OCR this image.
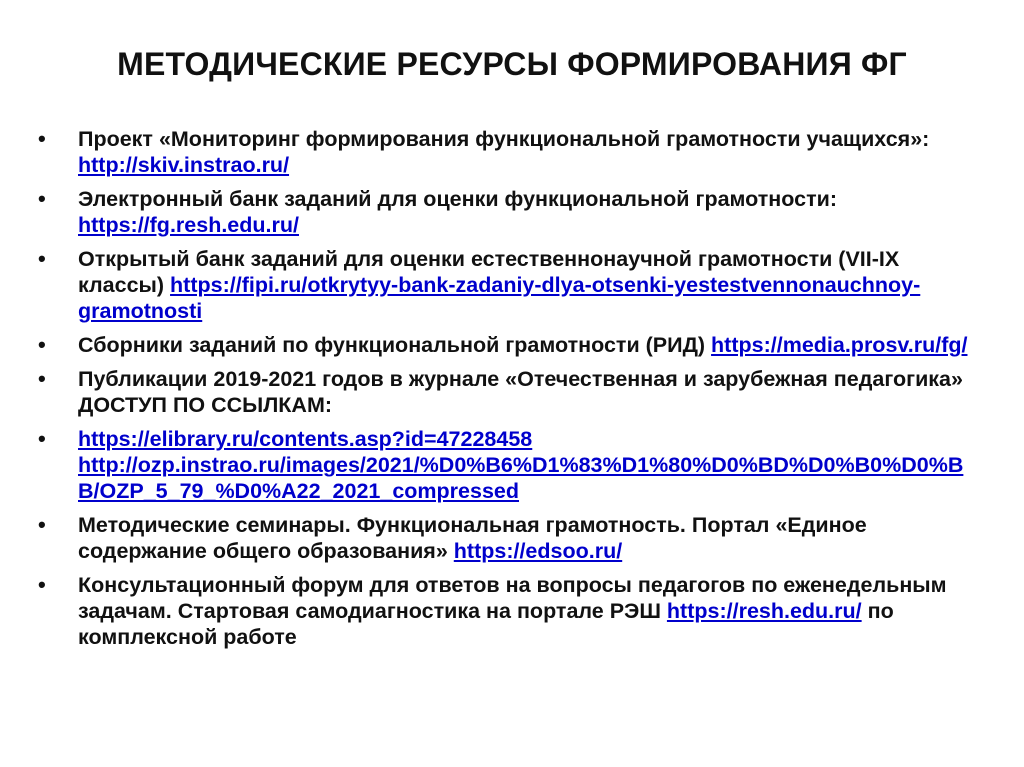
МЕТОДИЧЕСКИЕ РЕСУРСЫ ФОРМИРОВАНИЯ ФГ
•	Проект «Мониторинг формирования функциональной грамотности учащихся»: http://skiv.instrao.ru/
•	Электронный банк заданий для оценки функциональной грамотности: https://fg.resh.edu.ru/
•	Открытый банк заданий для оценки естественнонаучной грамотности (VII-IX классы) https://fipi.ru/otkrytyy-bank-zadaniy-dlya-otsenki-yestestvennonauchnoy-gramotnosti
•	Сборники заданий по функциональной грамотности (РИД) https://media.prosv.ru/fg/
•	Публикации 2019-2021 годов в журнале «Отечественная и зарубежная педагогика» ДОСТУП ПО ССЫЛКАМ:
•	https://elibrary.ru/contents.asp?id=47228458
http://ozp.instrao.ru/images/2021/%D0%B6%D1%83%D1%80%D0%BD%D0%B0%D0%BB/OZP_5_79_%D0%A22_2021_compressed
•	Методические семинары. Функциональная грамотность. Портал «Единое содержание общего образования» https://edsoo.ru/
•	Консультационный форум для ответов на вопросы педагогов по еженедельным задачам. Стартовая самодиагностика на портале РЭШ https://resh.edu.ru/ по комплексной работе
